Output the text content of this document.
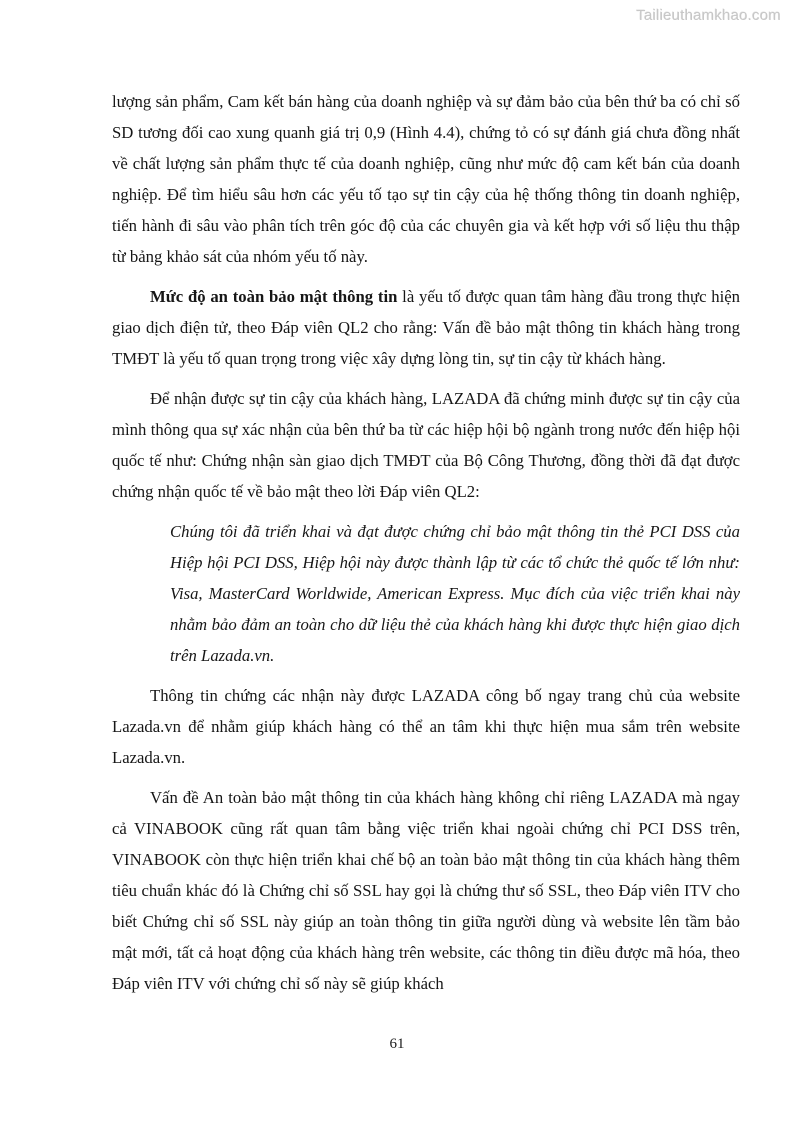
Tailieuthamkhao.com

lượng sản phẩm, Cam kết bán hàng của doanh nghiệp và sự đảm bảo của bên thứ ba có chỉ số SD tương đối cao xung quanh giá trị 0,9 (Hình 4.4), chứng tỏ có sự đánh giá chưa đồng nhất về chất lượng sản phẩm thực tế của doanh nghiệp, cũng như mức độ cam kết bán của doanh nghiệp. Để tìm hiểu sâu hơn các yếu tố tạo sự tin cậy của hệ thống thông tin doanh nghiệp, tiến hành đi sâu vào phân tích trên góc độ của các chuyên gia và kết hợp với số liệu thu thập từ bảng khảo sát của nhóm yếu tố này.

Mức độ an toàn bảo mật thông tin là yếu tố được quan tâm hàng đầu trong thực hiện giao dịch điện tử, theo Đáp viên QL2 cho rằng: Vấn đề bảo mật thông tin khách hàng trong TMĐT là yếu tố quan trọng trong việc xây dựng lòng tin, sự tin cậy từ khách hàng.

Để nhận được sự tin cậy của khách hàng, LAZADA đã chứng minh được sự tin cậy của mình thông qua sự xác nhận của bên thứ ba từ các hiệp hội bộ ngành trong nước đến hiệp hội quốc tế như: Chứng nhận sàn giao dịch TMĐT của Bộ Công Thương, đồng thời đã đạt được chứng nhận quốc tế về bảo mật theo lời Đáp viên QL2:

Chúng tôi đã triển khai và đạt được chứng chỉ bảo mật thông tin thẻ PCI DSS của Hiệp hội PCI DSS, Hiệp hội này được thành lập từ các tổ chức thẻ quốc tế lớn như: Visa, MasterCard Worldwide, American Express. Mục đích của việc triển khai này nhằm bảo đảm an toàn cho dữ liệu thẻ của khách hàng khi được thực hiện giao dịch trên Lazada.vn.

Thông tin chứng các nhận này được LAZADA công bố ngay trang chủ của website Lazada.vn để nhằm giúp khách hàng có thể an tâm khi thực hiện mua sắm trên website Lazada.vn.

Vấn đề An toàn bảo mật thông tin của khách hàng không chỉ riêng LAZADA mà ngay cả VINABOOK cũng rất quan tâm bằng việc triển khai ngoài chứng chỉ PCI DSS trên, VINABOOK còn thực hiện triển khai chế bộ an toàn bảo mật thông tin của khách hàng thêm tiêu chuẩn khác đó là Chứng chỉ số SSL hay gọi là chứng thư số SSL, theo Đáp viên ITV cho biết Chứng chỉ số SSL này giúp an toàn thông tin giữa người dùng và website lên tầm bảo mật mới, tất cả hoạt động của khách hàng trên website, các thông tin điều được mã hóa, theo Đáp viên ITV với chứng chỉ số này sẽ giúp khách

61
